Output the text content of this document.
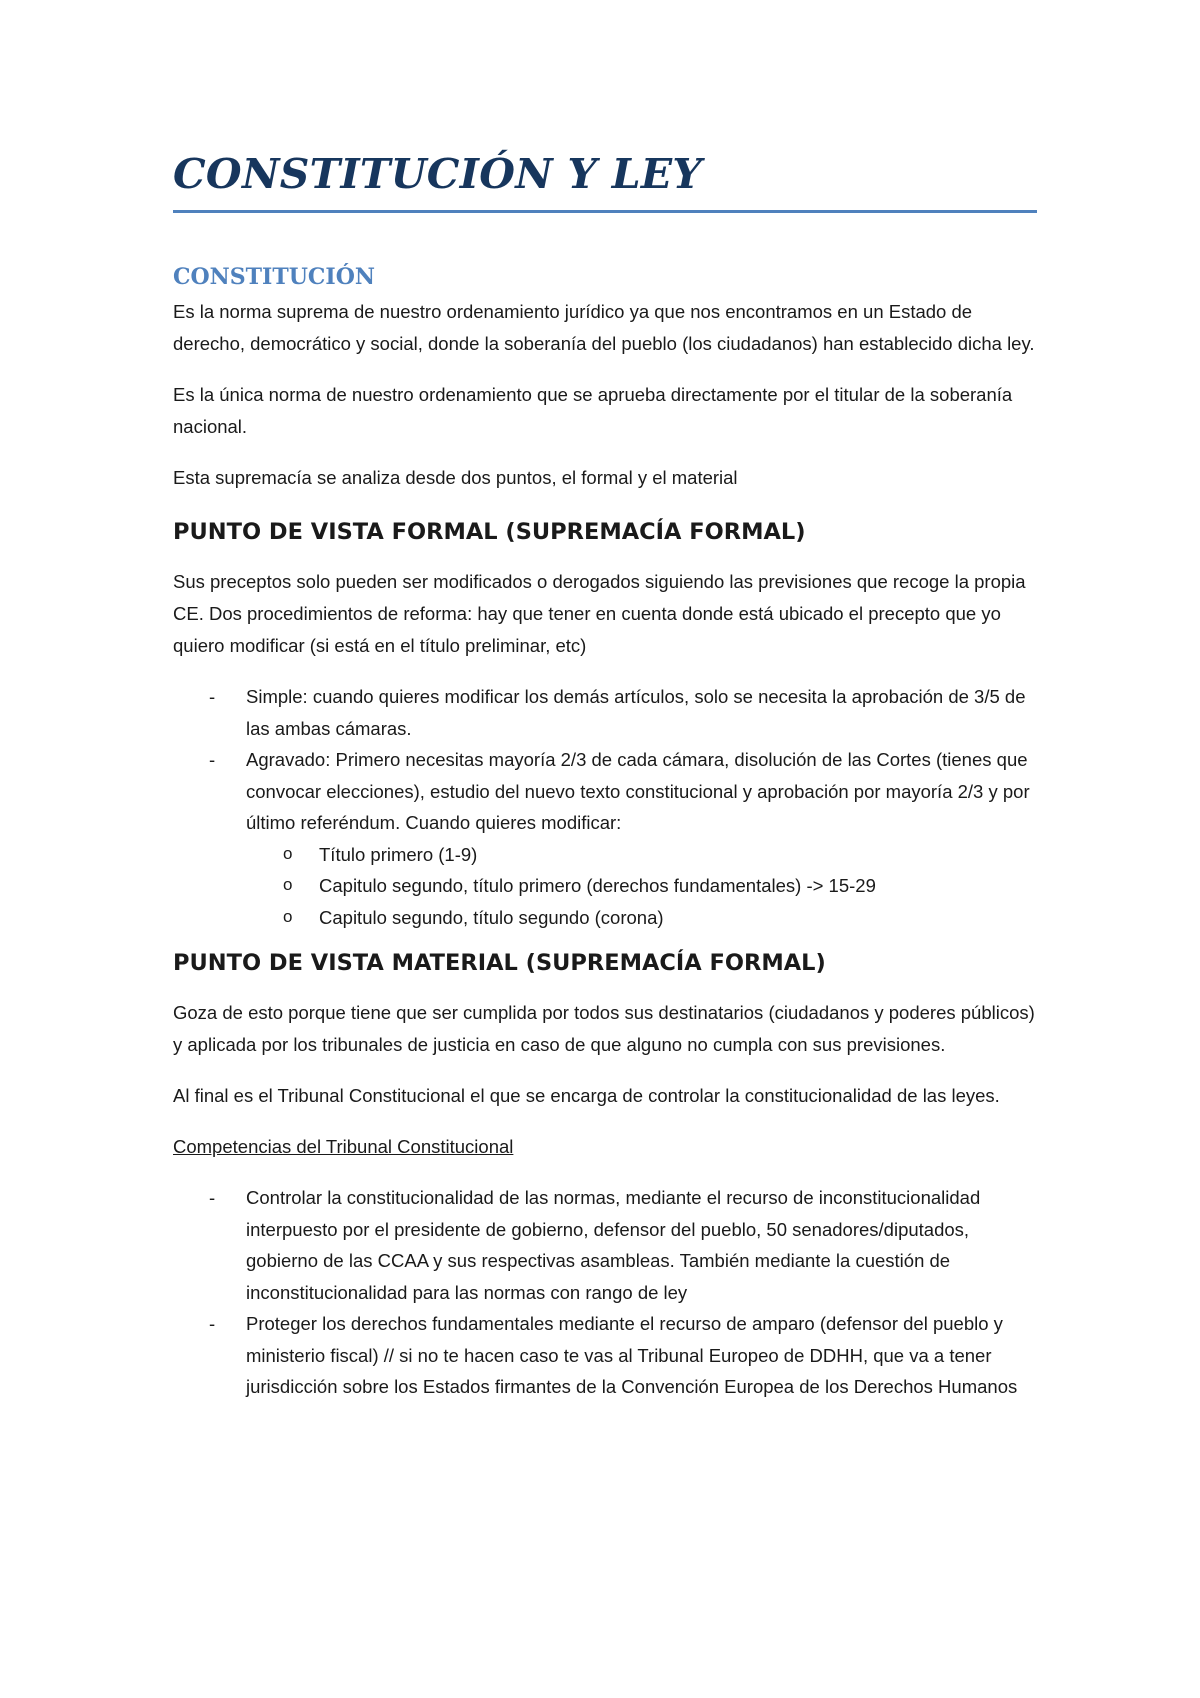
CONSTITUCIÓN Y LEY
CONSTITUCIÓN

Es la norma suprema de nuestro ordenamiento jurídico ya que nos encontramos en un Estado de derecho, democrático y social, donde la soberanía del pueblo (los ciudadanos) han establecido dicha ley.

Es la única norma de nuestro ordenamiento que se aprueba directamente por el titular de la soberanía nacional.

Esta supremacía se analiza desde dos puntos, el formal y el material

PUNTO DE VISTA FORMAL (SUPREMACÍA FORMAL)

Sus preceptos solo pueden ser modificados o derogados siguiendo las previsiones que recoge la propia CE. Dos procedimientos de reforma: hay que tener en cuenta donde está ubicado el precepto que yo quiero modificar (si está en el título preliminar, etc)

- Simple: cuando quieres modificar los demás artículos, solo se necesita la aprobación de 3/5 de las ambas cámaras.
- Agravado: Primero necesitas mayoría 2/3 de cada cámara, disolución de las Cortes (tienes que convocar elecciones), estudio del nuevo texto constitucional y aprobación por mayoría 2/3 y por último referéndum. Cuando quieres modificar:
o Título primero (1-9)
o Capitulo segundo, título primero (derechos fundamentales) -> 15-29
o Capitulo segundo, título segundo (corona)
PUNTO DE VISTA MATERIAL (SUPREMACÍA FORMAL)

Goza de esto porque tiene que ser cumplida por todos sus destinatarios (ciudadanos y poderes públicos) y aplicada por los tribunales de justicia en caso de que alguno no cumpla con sus previsiones.

Al final es el Tribunal Constitucional el que se encarga de controlar la constitucionalidad de las leyes.

Competencias del Tribunal Constitucional

- Controlar la constitucionalidad de las normas, mediante el recurso de inconstitucionalidad interpuesto por el presidente de gobierno, defensor del pueblo, 50 senadores/diputados, gobierno de las CCAA y sus respectivas asambleas. También mediante la cuestión de inconstitucionalidad para las normas con rango de ley
- Proteger los derechos fundamentales mediante el recurso de amparo (defensor del pueblo y ministerio fiscal) // si no te hacen caso te vas al Tribunal Europeo de DDHH, que va a tener jurisdicción sobre los Estados firmantes de la Convención Europea de los Derechos Humanos
